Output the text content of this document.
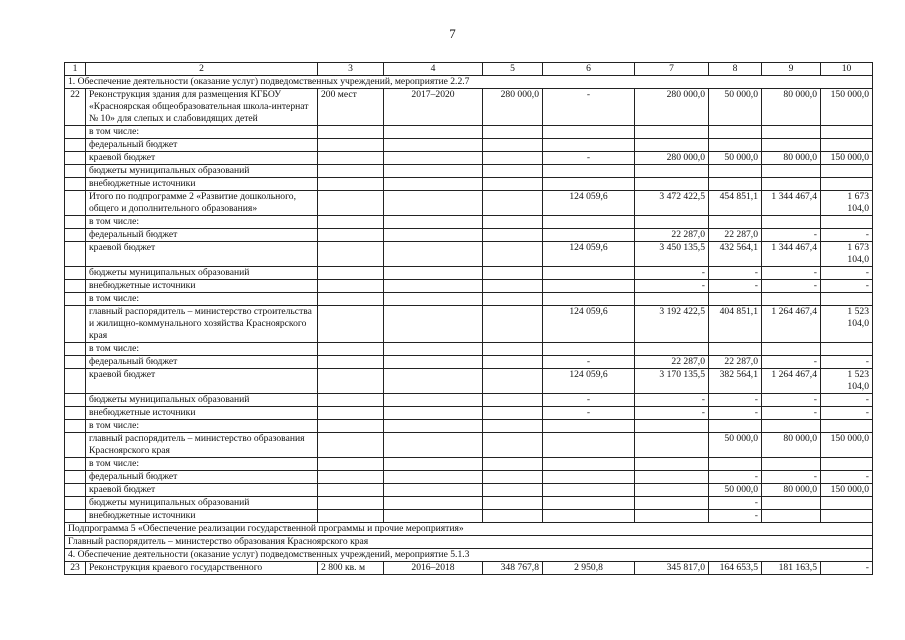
7
1	2	3	4	5	6	7	8	9	10
1. Обеспечение деятельности (оказание услуг) подведомственных учреждений, мероприятие 2.2.7									
22	Реконструкция здания для размещения КГБОУ «Красноярская общеобразовательная школа-интернат № 10» для слепых и слабовидящих детей	200 мест	2017–2020	280 000,0	-	280 000,0	50 000,0	80 000,0	150 000,0
	в том числе:								
	федеральный бюджет								
	краевой бюджет				-	280 000,0	50 000,0	80 000,0	150 000,0
	бюджеты муниципальных образований								
	внебюджетные источники								
	Итого по подпрограмме 2 «Развитие дошкольного, общего и дополнительного образования»				124 059,6	3 472 422,5	454 851,1	1 344 467,4	1 673 104,0
	в том числе:								
	федеральный бюджет					22 287,0	22 287,0	-	-
	краевой бюджет				124 059,6	3 450 135,5	432 564,1	1 344 467,4	1 673 104,0
	бюджеты муниципальных образований					-	-	-	-
	внебюджетные источники					-	-	-	-
	в том числе:								
	главный распорядитель – министерство строительства и жилищно-коммунального хозяйства Красноярского края				124 059,6	3 192 422,5	404 851,1	1 264 467,4	1 523 104,0
	в том числе:								
	федеральный бюджет				-	22 287,0	22 287,0	-	-
	краевой бюджет				124 059,6	3 170 135,5	382 564,1	1 264 467,4	1 523 104,0
	бюджеты муниципальных образований				-	-	-	-	-
	внебюджетные источники				-	-	-	-	-
	в том числе:								
	главный распорядитель – министерство образования Красноярского края						50 000,0	80 000,0	150 000,0
	в том числе:								
	федеральный бюджет						-	-	-
	краевой бюджет						50 000,0	80 000,0	150 000,0
	бюджеты муниципальных образований						-		
	внебюджетные источники						-		
Подпрограмма 5 «Обеспечение реализации государственной программы и прочие мероприятия»									
Главный распорядитель – министерство образования Красноярского края									
4. Обеспечение деятельности (оказание услуг) подведомственных учреждений, мероприятие 5.1.3									
23	Реконструкция краевого государственного	2 800 кв. м	2016–2018	348 767,8	2 950,8	345 817,0	164 653,5	181 163,5	-
